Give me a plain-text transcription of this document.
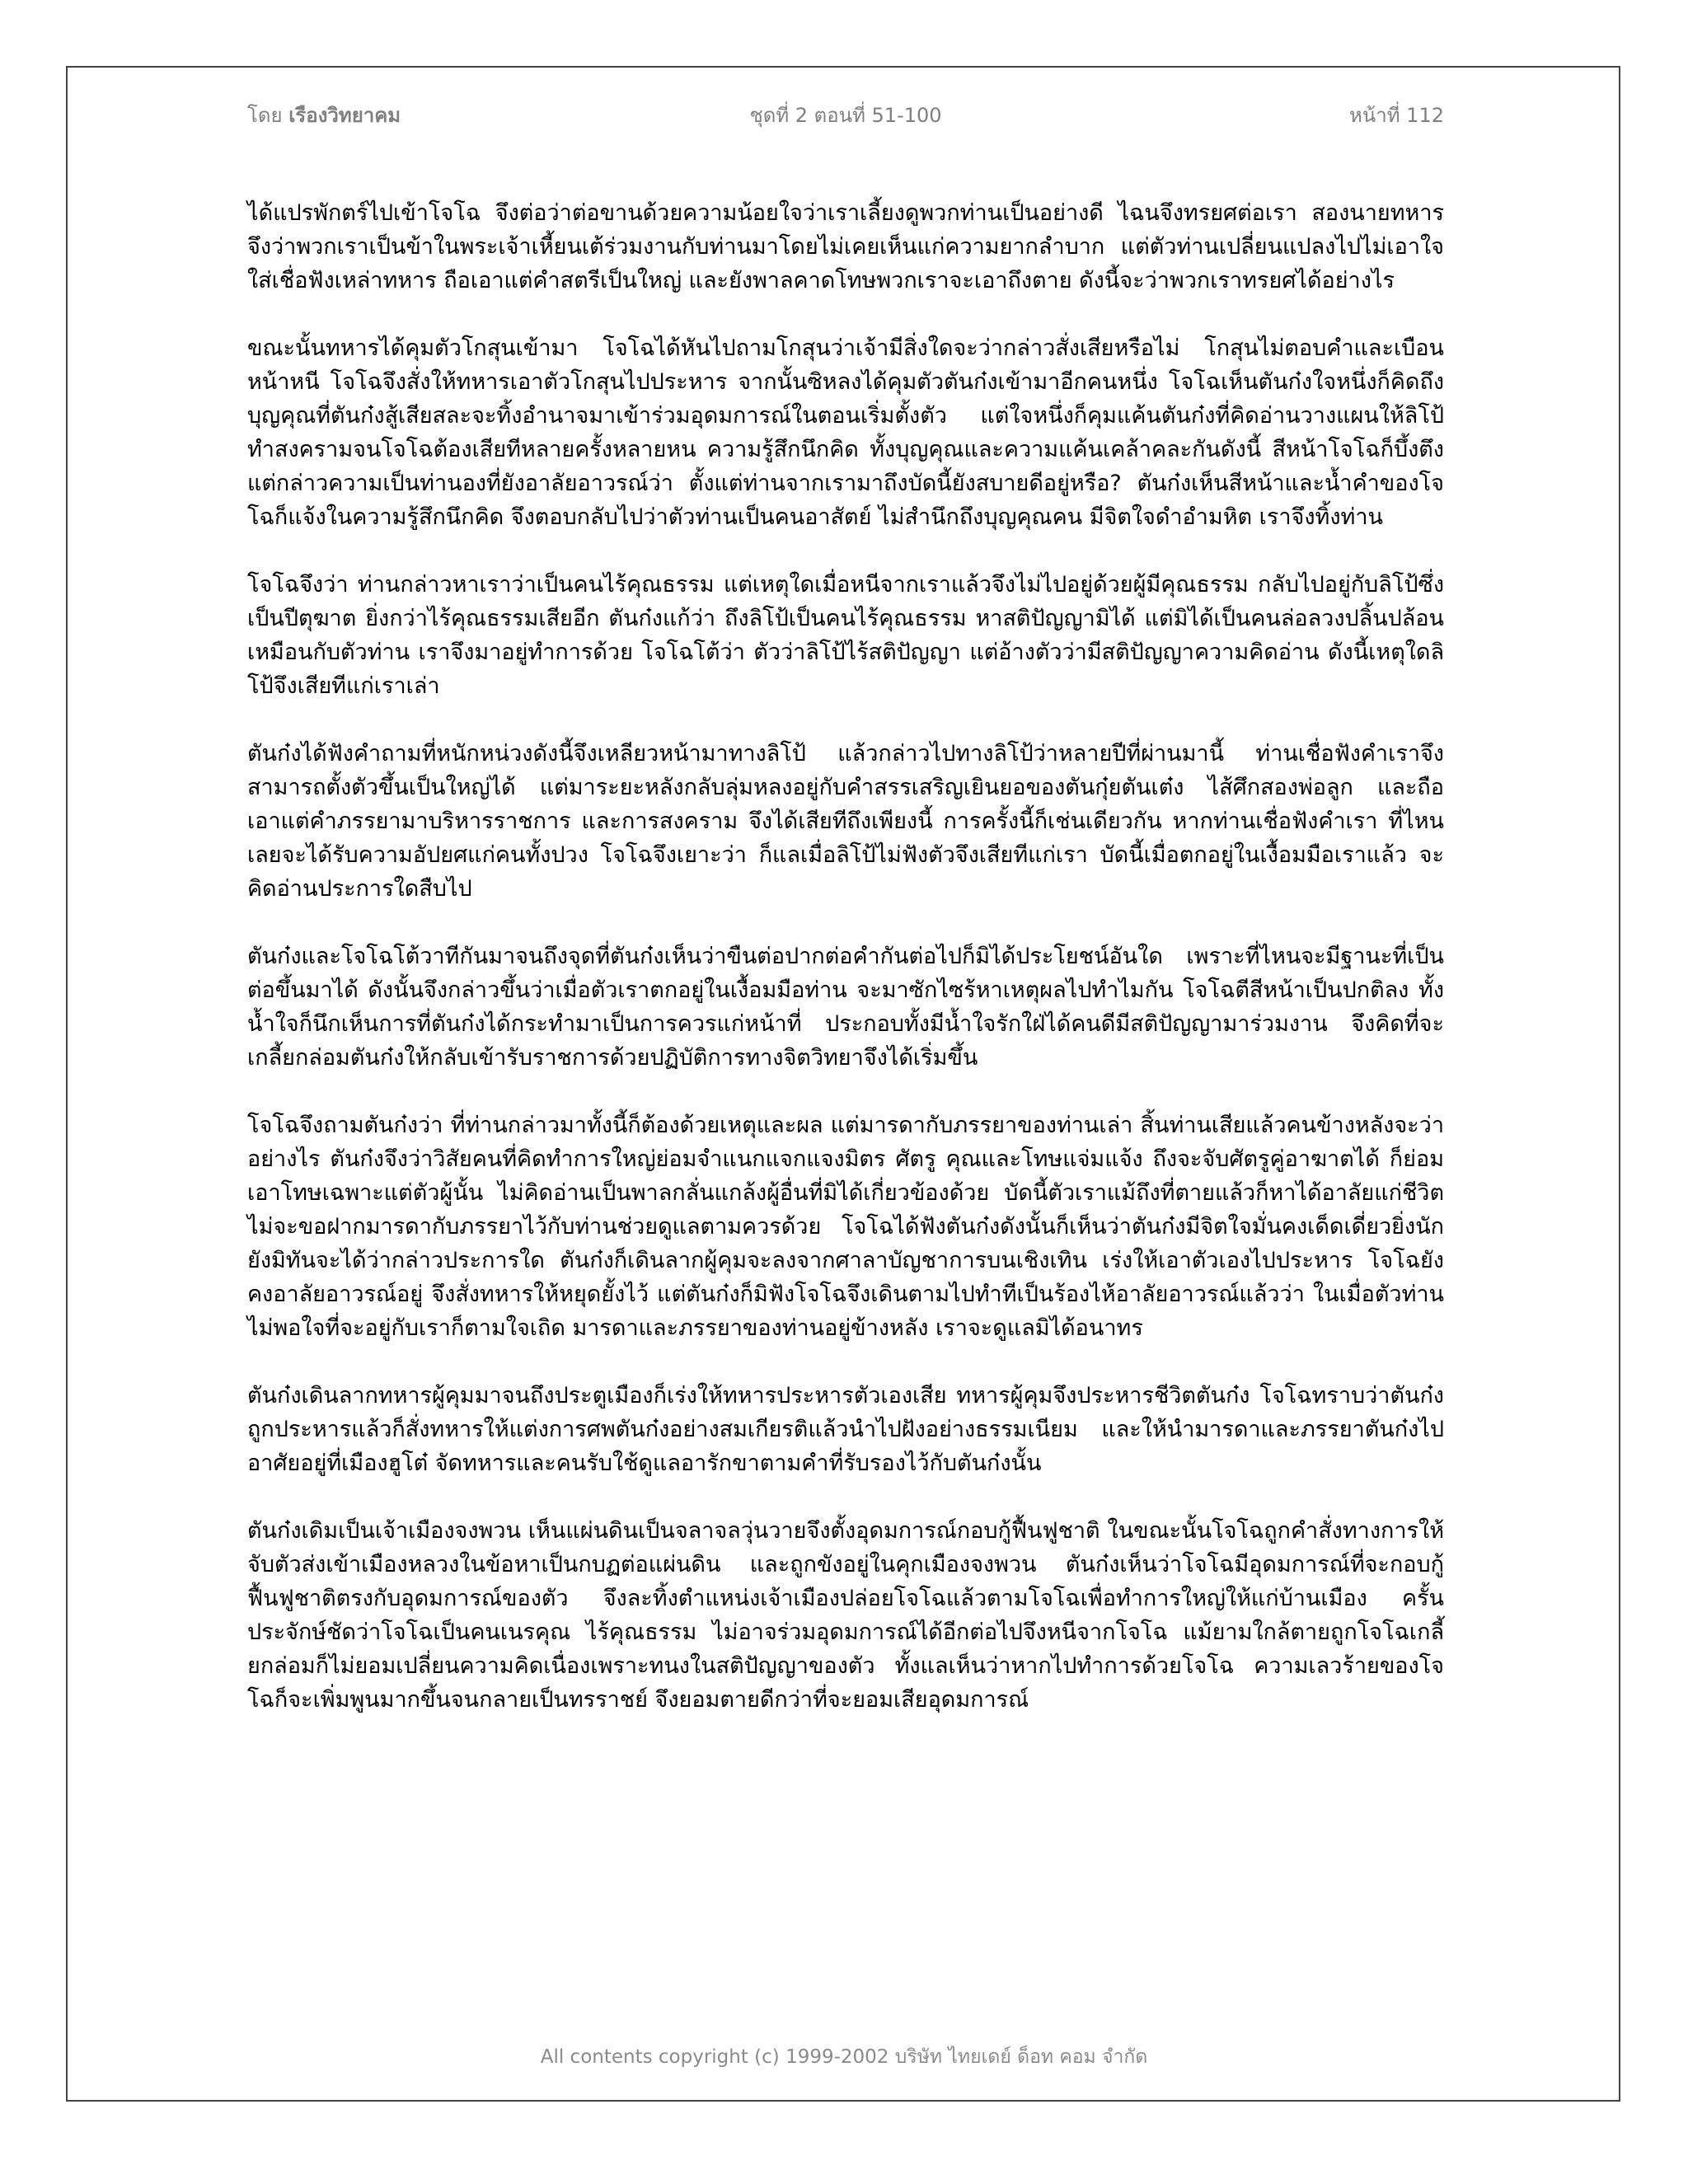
โดย เรืองวิทยาคม	ชุดที่ 2 ตอนที่ 51-100	หน้าที่ 112

ได้แปรพักตร์ไปเข้าโจโฉ จึงต่อว่าต่อขานด้วยความน้อยใจว่าเราเลี้ยงดูพวกท่านเป็นอย่างดี ไฉนจึงทรยศต่อเรา สองนายทหารจึงว่าพวกเราเป็นข้าในพระเจ้าเหี้ยนเต้ร่วมงานกับท่านมาโดยไม่เคยเห็นแก่ความยากลำบาก แต่ตัวท่านเปลี่ยนแปลงไปไม่เอาใจใส่เชื่อฟังเหล่าทหาร ถือเอาแต่คำสตรีเป็นใหญ่ และยังพาลคาดโทษพวกเราจะเอาถึงตาย ดังนี้จะว่าพวกเราทรยศได้อย่างไร

ขณะนั้นทหารได้คุมตัวโกสุนเข้ามา โจโฉได้หันไปถามโกสุนว่าเจ้ามีสิ่งใดจะว่ากล่าวสั่งเสียหรือไม่ โกสุนไม่ตอบคำและเบือนหน้าหนี โจโฉจึงสั่งให้ทหารเอาตัวโกสุนไปประหาร จากนั้นซิหลงได้คุมตัวตันก๋งเข้ามาอีกคนหนึ่ง โจโฉเห็นตันก๋งใจหนึ่งก็คิดถึงบุญคุณที่ตันก๋งสู้เสียสละจะทิ้งอำนาจมาเข้าร่วมอุดมการณ์ในตอนเริ่มตั้งตัว แต่ใจหนึ่งก็คุมแค้นตันก๋งที่คิดอ่านวางแผนให้ลิโป้ทำสงครามจนโจโฉต้องเสียทีหลายครั้งหลายหน ความรู้สึกนึกคิด ทั้งบุญคุณและความแค้นเคล้าคละกันดังนี้ สีหน้าโจโฉก็บึ้งตึง แต่กล่าวความเป็นท่านองที่ยังอาลัยอาวรณ์ว่า ตั้งแต่ท่านจากเรามาถึงบัดนี้ยังสบายดีอยู่หรือ? ตันก๋งเห็นสีหน้าและน้ำคำของโจโฉก็แจ้งในความรู้สึกนึกคิด จึงตอบกลับไปว่าตัวท่านเป็นคนอาสัตย์ ไม่สำนึกถึงบุญคุณคน มีจิตใจดำอำมหิต เราจึงทิ้งท่าน

โจโฉจึงว่า ท่านกล่าวหาเราว่าเป็นคนไร้คุณธรรม แต่เหตุใดเมื่อหนีจากเราแล้วจึงไม่ไปอยู่ด้วยผู้มีคุณธรรม กลับไปอยู่กับลิโป้ซึ่งเป็นปีตุฆาต ยิ่งกว่าไร้คุณธรรมเสียอีก ตันก๋งแก้ว่า ถึงลิโป้เป็นคนไร้คุณธรรม หาสติปัญญามิได้ แต่มิได้เป็นคนล่อลวงปลิ้นปล้อนเหมือนกับตัวท่าน เราจึงมาอยู่ทำการด้วย โจโฉโต้ว่า ตัวว่าลิโป้ไร้สติปัญญา แต่อ้างตัวว่ามีสติปัญญาความคิดอ่าน ดังนี้เหตุใดลิโป้จึงเสียทีแก่เราเล่า

ตันก๋งได้ฟังคำถามที่หนักหน่วงดังนี้จึงเหลียวหน้ามาทางลิโป้ แล้วกล่าวไปทางลิโป้ว่าหลายปีที่ผ่านมานี้ ท่านเชื่อฟังคำเราจึงสามารถตั้งตัวขึ้นเป็นใหญ่ได้ แต่มาระยะหลังกลับลุ่มหลงอยู่กับคำสรรเสริญเยินยอของตันกุ๋ยตันเต๋ง ไส้ศึกสองพ่อลูก และถือเอาแต่คำภรรยามาบริหารราชการ และการสงคราม จึงได้เสียทีถึงเพียงนี้ การครั้งนี้ก็เช่นเดียวกัน หากท่านเชื่อฟังคำเรา ที่ไหนเลยจะได้รับความอัปยศแก่คนทั้งปวง โจโฉจึงเยาะว่า ก็แลเมื่อลิโป้ไม่ฟังตัวจึงเสียทีแก่เรา บัดนี้เมื่อตกอยู่ในเงื้อมมือเราแล้ว จะคิดอ่านประการใดสืบไป

ตันก๋งและโจโฉโต้วาทีกันมาจนถึงจุดที่ตันก๋งเห็นว่าขืนต่อปากต่อคำกันต่อไปก็มิได้ประโยชน์อันใด เพราะที่ไหนจะมีฐานะที่เป็นต่อขึ้นมาได้ ดังนั้นจึงกล่าวขึ้นว่าเมื่อตัวเราตกอยู่ในเงื้อมมือท่าน จะมาซักไซร้หาเหตุผลไปทำไมกัน โจโฉตีสีหน้าเป็นปกติลง ทั้งน้ำใจก็นึกเห็นการที่ตันก๋งได้กระทำมาเป็นการควรแก่หน้าที่ ประกอบทั้งมีน้ำใจรักใฝ่ได้คนดีมีสติปัญญามาร่วมงาน จึงคิดที่จะเกลี้ยกล่อมตันก๋งให้กลับเข้ารับราชการด้วยปฏิบัติการทางจิตวิทยาจึงได้เริ่มขึ้น

โจโฉจึงถามตันก๋งว่า ที่ท่านกล่าวมาทั้งนี้ก็ต้องด้วยเหตุและผล แต่มารดากับภรรยาของท่านเล่า สิ้นท่านเสียแล้วคนข้างหลังจะว่าอย่างไร ตันก๋งจึงว่าวิสัยคนที่คิดทำการใหญ่ย่อมจำแนกแจกแจงมิตร ศัตรู คุณและโทษแจ่มแจ้ง ถึงจะจับศัตรูคู่อาฆาตได้ ก็ย่อมเอาโทษเฉพาะแต่ตัวผู้นั้น ไม่คิดอ่านเป็นพาลกลั่นแกล้งผู้อื่นที่มิได้เกี่ยวข้องด้วย บัดนี้ตัวเราแม้ถึงที่ตายแล้วก็หาได้อาลัยแก่ชีวิตไม่จะขอฝากมารดากับภรรยาไว้กับท่านช่วยดูแลตามควรด้วย โจโฉได้ฟังตันก๋งดังนั้นก็เห็นว่าตันก๋งมีจิตใจมั่นคงเด็ดเดี่ยวยิ่งนัก ยังมิทันจะได้ว่ากล่าวประการใด ตันก๋งก็เดินลากผู้คุมจะลงจากศาลาบัญชาการบนเชิงเทิน เร่งให้เอาตัวเองไปประหาร โจโฉยังคงอาลัยอาวรณ์อยู่ จึงสั่งทหารให้หยุดยั้งไว้ แต่ตันก๋งก็มิฟังโจโฉจึงเดินตามไปทำทีเป็นร้องไห้อาลัยอาวรณ์แล้วว่า ในเมื่อตัวท่านไม่พอใจที่จะอยู่กับเราก็ตามใจเถิด มารดาและภรรยาของท่านอยู่ข้างหลัง เราจะดูแลมิได้อนาทร

ตันก๋งเดินลากทหารผู้คุมมาจนถึงประตูเมืองก็เร่งให้ทหารประหารตัวเองเสีย ทหารผู้คุมจึงประหารชีวิตตันก๋ง โจโฉทราบว่าตันก๋งถูกประหารแล้วก็สั่งทหารให้แต่งการศพตันก๋งอย่างสมเกียรติแล้วนำไปฝังอย่างธรรมเนียม และให้นำมารดาและภรรยาตันก๋งไปอาศัยอยู่ที่เมืองฮูโต๋ จัดทหารและคนรับใช้ดูแลอารักขาตามคำที่รับรองไว้กับตันก๋งนั้น

ตันก๋งเดิมเป็นเจ้าเมืองจงพวน เห็นแผ่นดินเป็นจลาจลวุ่นวายจึงตั้งอุดมการณ์กอบกู้ฟื้นฟูชาติ ในขณะนั้นโจโฉถูกคำสั่งทางการให้จับตัวส่งเข้าเมืองหลวงในข้อหาเป็นกบฏต่อแผ่นดิน และถูกขังอยู่ในคุกเมืองจงพวน ตันก๋งเห็นว่าโจโฉมีอุดมการณ์ที่จะกอบกู้ฟื้นฟูชาติตรงกับอุดมการณ์ของตัว จึงละทิ้งตำแหน่งเจ้าเมืองปล่อยโจโฉแล้วตามโจโฉเพื่อทำการใหญ่ให้แก่บ้านเมือง ครั้นประจักษ์ชัดว่าโจโฉเป็นคนเนรคุณ ไร้คุณธรรม ไม่อาจร่วมอุดมการณ์ได้อีกต่อไปจึงหนีจากโจโฉ แม้ยามใกล้ตายถูกโจโฉเกลี้ยกล่อมก็ไม่ยอมเปลี่ยนความคิดเนื่องเพราะทนงในสติปัญญาของตัว ทั้งแลเห็นว่าหากไปทำการด้วยโจโฉ ความเลวร้ายของโจโฉก็จะเพิ่มพูนมากขึ้นจนกลายเป็นทรราชย์ จึงยอมตายดีกว่าที่จะยอมเสียอุดมการณ์

All contents copyright (c) 1999-2002 บริษัท ไทยเดย์ ด็อท คอม จำกัด
